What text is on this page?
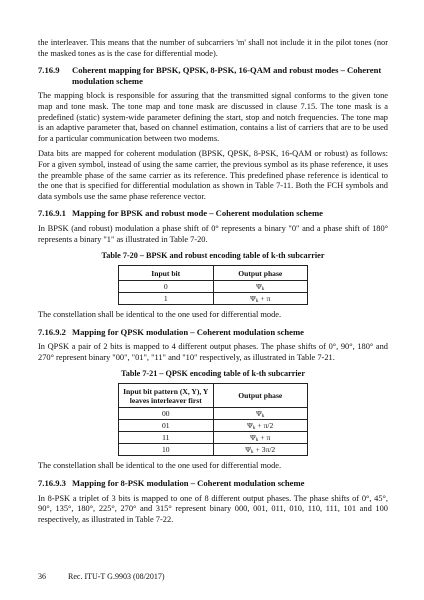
the interleaver. This means that the number of subcarriers 'm' shall not include it in the pilot tones (nor the masked tones as is the case for differential mode).

7.16.9	Coherent mapping for BPSK, QPSK, 8-PSK, 16-QAM and robust modes – Coherent modulation scheme

The mapping block is responsible for assuring that the transmitted signal conforms to the given tone map and tone mask. The tone map and tone mask are discussed in clause 7.15. The tone mask is a predefined (static) system-wide parameter defining the start, stop and notch frequencies. The tone map is an adaptive parameter that, based on channel estimation, contains a list of carriers that are to be used for a particular communication between two modems.

Data bits are mapped for coherent modulation (BPSK, QPSK, 8-PSK, 16-QAM or robust) as follows: For a given symbol, instead of using the same carrier, the previous symbol as its phase reference, it uses the preamble phase of the same carrier as its reference. This predefined phase reference is identical to the one that is specified for differential modulation as shown in Table 7-11. Both the FCH symbols and data symbols use the same phase reference vector.

7.16.9.1 Mapping for BPSK and robust mode – Coherent modulation scheme

In BPSK (and robust) modulation a phase shift of 0° represents a binary "0" and a phase shift of 180° represents a binary "1" as illustrated in Table 7-20.

Table 7-20 – BPSK and robust encoding table of k-th subcarrier
Input bit	Output phase
0	$\Psi_k$
1	$\Psi_k + \pi$

The constellation shall be identical to the one used for differential mode.

7.16.9.2 Mapping for QPSK modulation – Coherent modulation scheme

In QPSK a pair of 2 bits is mapped to 4 different output phases. The phase shifts of 0°, 90°, 180° and 270° represent binary "00", "01", "11" and "10" respectively, as illustrated in Table 7-21.

Table 7-21 – QPSK encoding table of k-th subcarrier
Input bit pattern (X, Y), Y leaves interleaver first	Output phase
00	$\Psi_k$
01	$\Psi_k + \pi/2$
11	$\Psi_k + \pi$
10	$\Psi_k + 3\pi/2$

The constellation shall be identical to the one used for differential mode.

7.16.9.3 Mapping for 8-PSK modulation – Coherent modulation scheme

In 8-PSK a triplet of 3 bits is mapped to one of 8 different output phases. The phase shifts of 0°, 45°, 90°, 135°, 180°, 225°, 270° and 315° represent binary 000, 001, 011, 010, 110, 111, 101 and 100 respectively, as illustrated in Table 7-22.

36	Rec. ITU-T G.9903 (08/2017)
